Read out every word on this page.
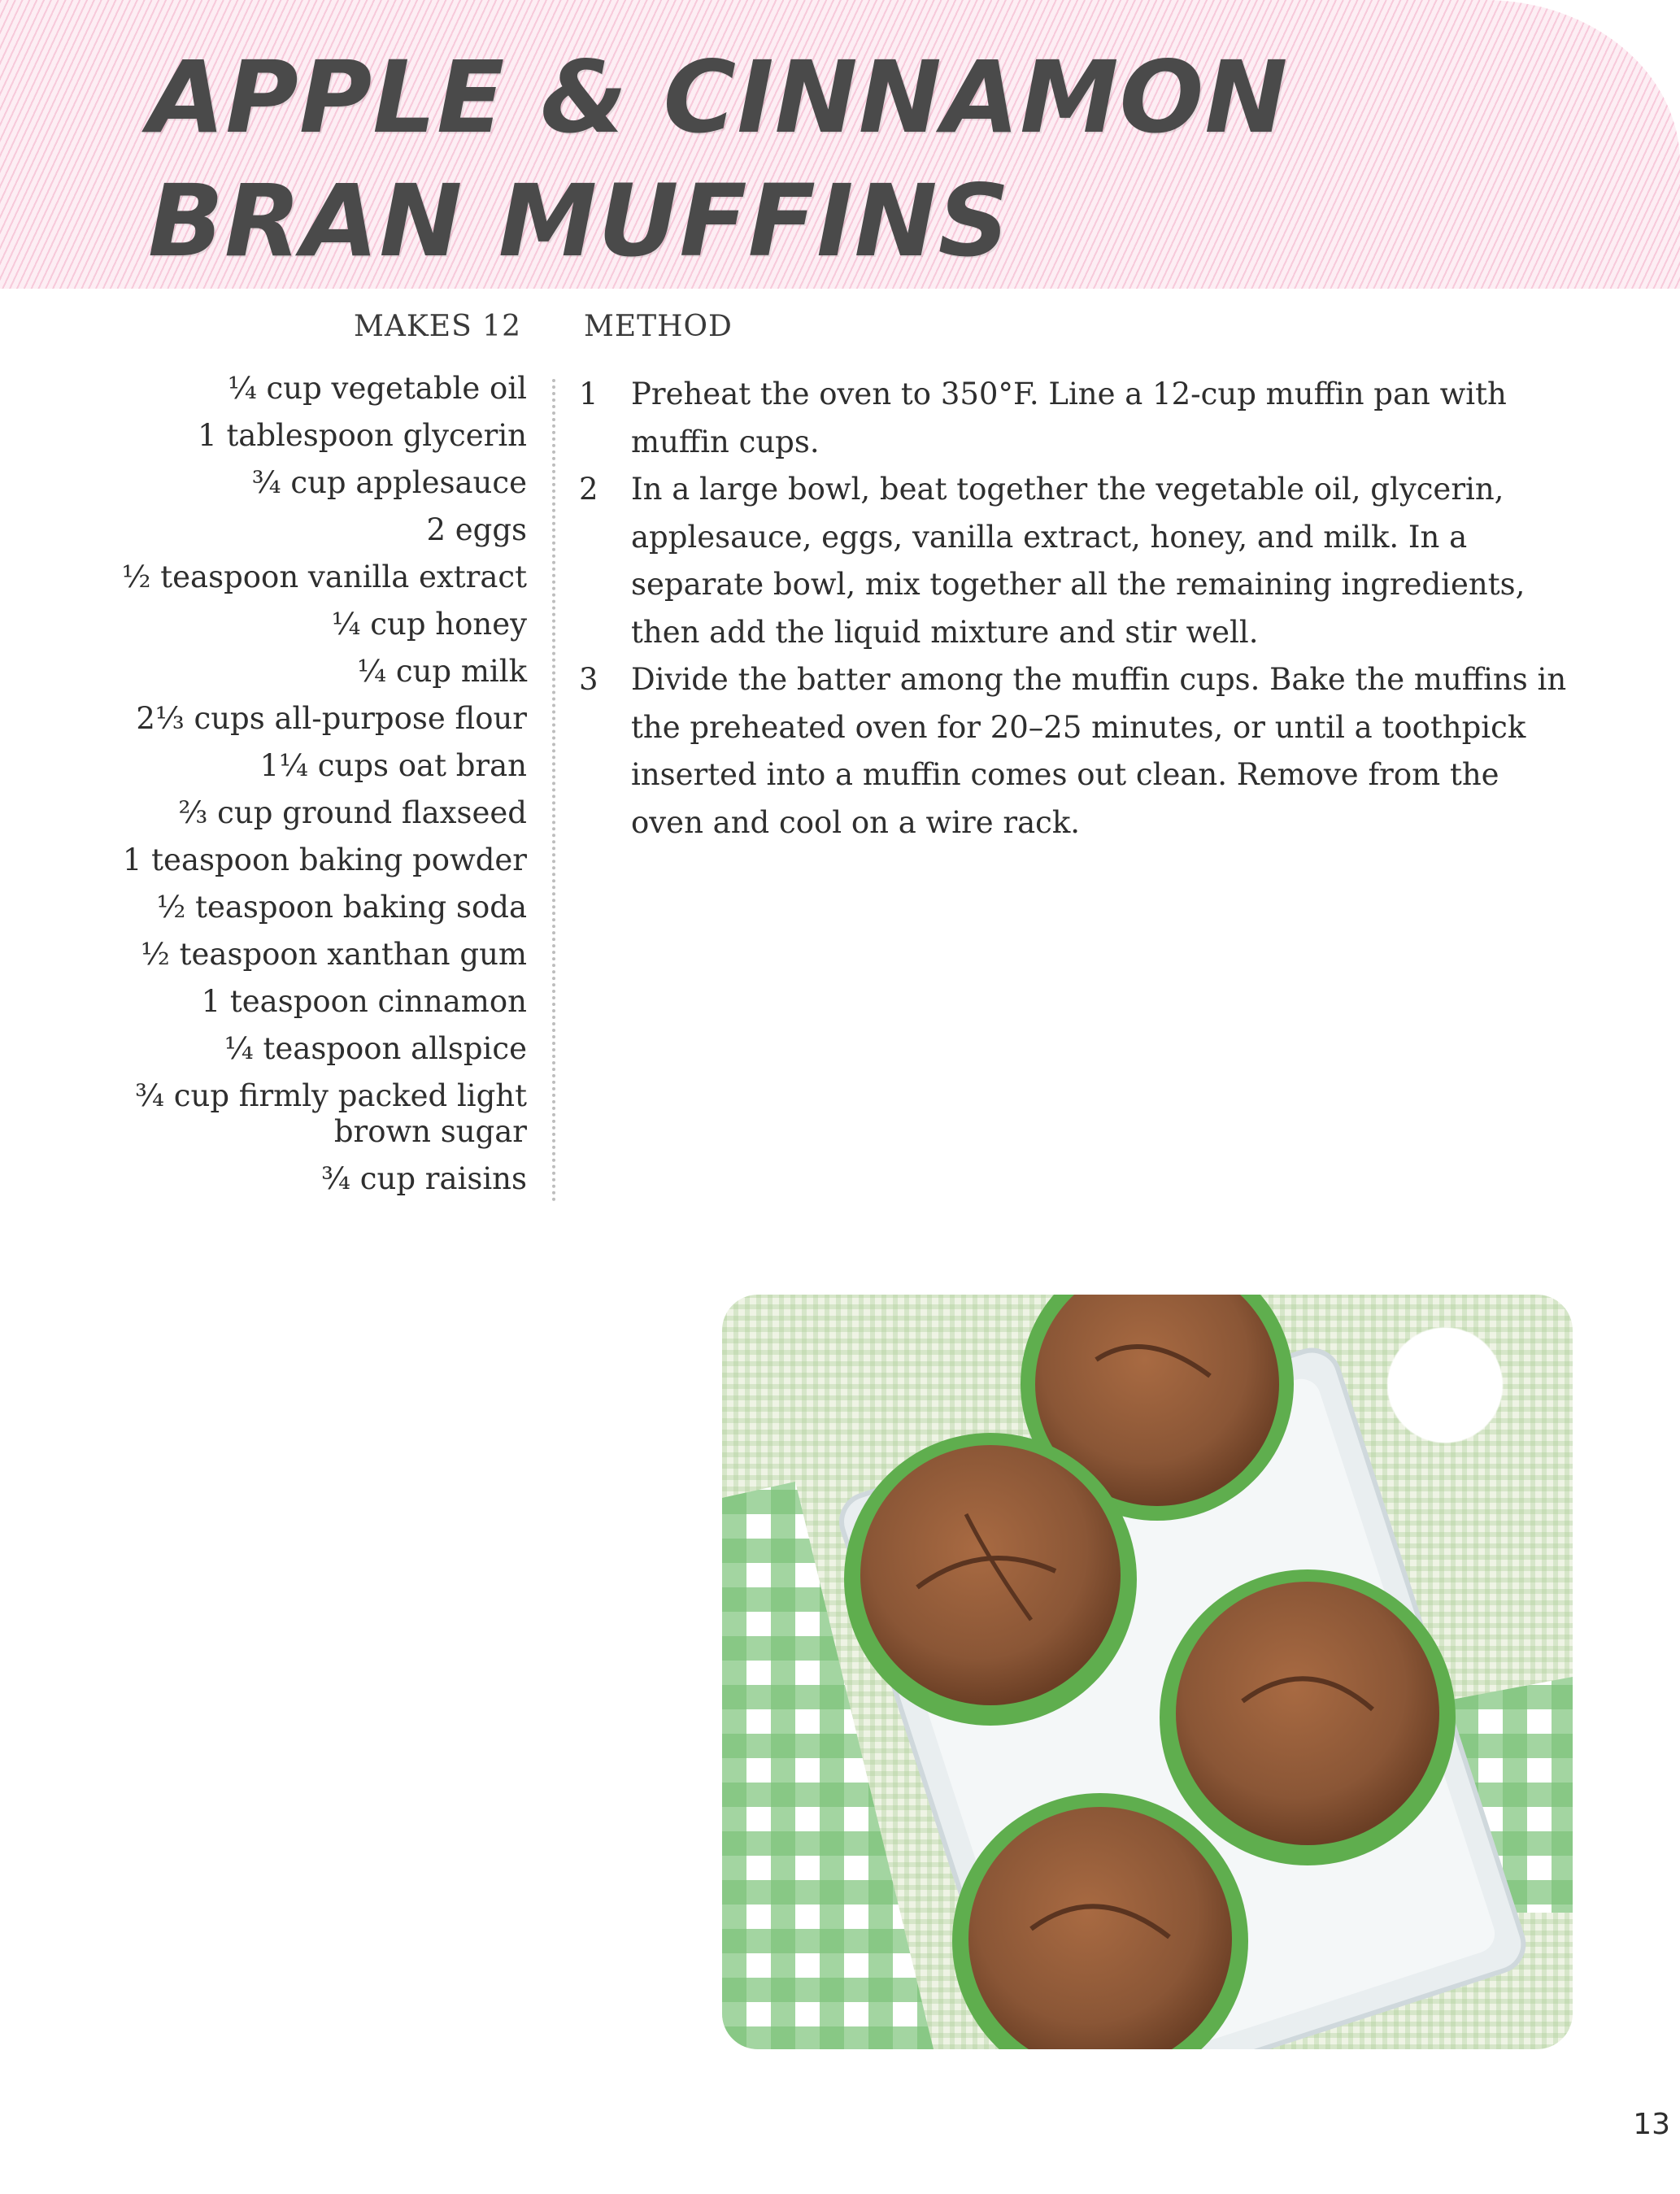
APPLE & CINNAMON
BRAN MUFFINS
MAKES 12 METHOD
¼ cup vegetable oil
1 tablespoon glycerin
¾ cup applesauce
2 eggs
½ teaspoon vanilla extract
¼ cup honey
¼ cup milk
2⅓ cups all-purpose flour
1¼ cups oat bran
⅔ cup ground flaxseed
1 teaspoon baking powder
½ teaspoon baking soda
½ teaspoon xanthan gum
1 teaspoon cinnamon
¼ teaspoon allspice
¾ cup firmly packed light
brown sugar
¾ cup raisins
1	Preheat the oven to 350°F. Line a 12-cup muffin pan with muffin cups.
2	In a large bowl, beat together the vegetable oil, glycerin, applesauce, eggs, vanilla extract, honey, and milk. In a separate bowl, mix together all the remaining ingredients, then add the liquid mixture and stir well.
3	Divide the batter among the muffin cups. Bake the muffins in the preheated oven for 20–25 minutes, or until a toothpick inserted into a muffin comes out clean. Remove from the oven and cool on a wire rack.
13
